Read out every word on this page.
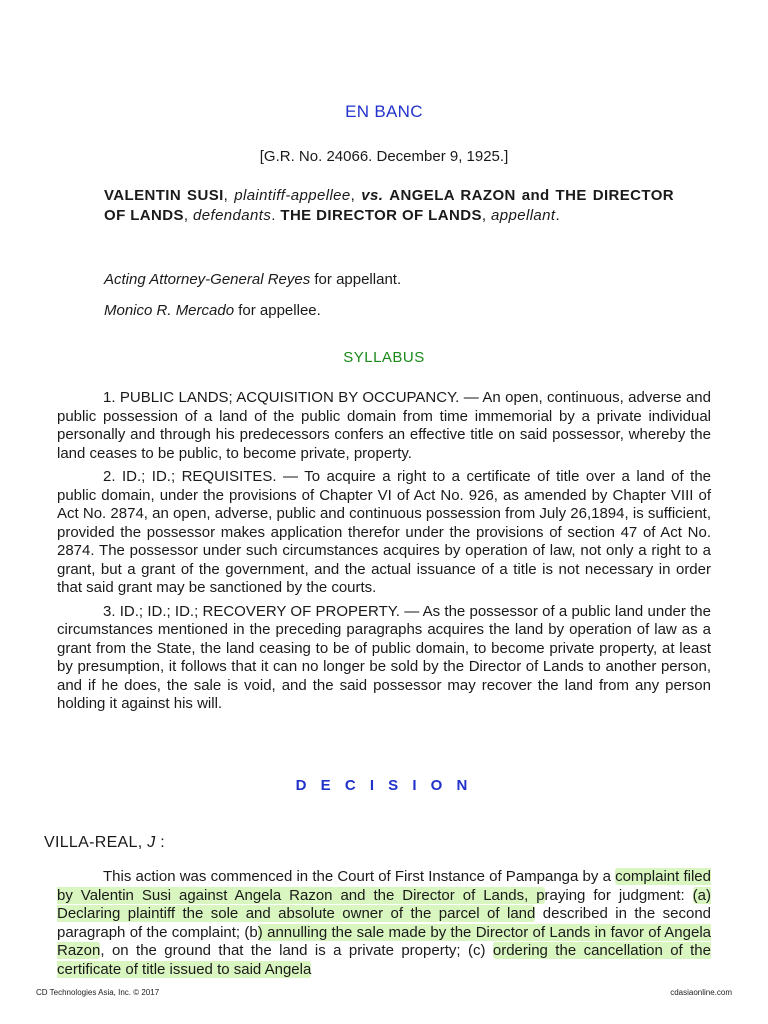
EN BANC
[G.R. No. 24066. December 9, 1925.]
VALENTIN SUSI, plaintiff-appellee, vs. ANGELA RAZON and THE DIRECTOR OF LANDS, defendants. THE DIRECTOR OF LANDS, appellant.
Acting Attorney-General Reyes for appellant.
Monico R. Mercado for appellee.
SYLLABUS

1. PUBLIC LANDS; ACQUISITION BY OCCUPANCY. — An open, continuous, adverse and public possession of a land of the public domain from time immemorial by a private individual personally and through his predecessors confers an effective title on said possessor, whereby the land ceases to be public, to become private, property.

2. ID.; ID.; REQUISITES. — To acquire a right to a certificate of title over a land of the public domain, under the provisions of Chapter VI of Act No. 926, as amended by Chapter VIII of Act No. 2874, an open, adverse, public and continuous possession from July 26,1894, is sufficient, provided the possessor makes application therefor under the provisions of section 47 of Act No. 2874. The possessor under such circumstances acquires by operation of law, not only a right to a grant, but a grant of the government, and the actual issuance of a title is not necessary in order that said grant may be sanctioned by the courts.

3. ID.; ID.; ID.; RECOVERY OF PROPERTY. — As the possessor of a public land under the circumstances mentioned in the preceding paragraphs acquires the land by operation of law as a grant from the State, the land ceasing to be of public domain, to become private property, at least by presumption, it follows that it can no longer be sold by the Director of Lands to another person, and if he does, the sale is void, and the said possessor may recover the land from any person holding it against his will.

D E C I S I O N
VILLA-REAL, J :

This action was commenced in the Court of First Instance of Pampanga by a complaint filed by Valentin Susi against Angela Razon and the Director of Lands, praying for judgment: (a) Declaring plaintiff the sole and absolute owner of the parcel of land described in the second paragraph of the complaint; (b) annulling the sale made by the Director of Lands in favor of Angela Razon, on the ground that the land is a private property; (c) ordering the cancellation of the certificate of title issued to said Angela

CD Technologies Asia, Inc. © 2017	cdasiaonline.com
